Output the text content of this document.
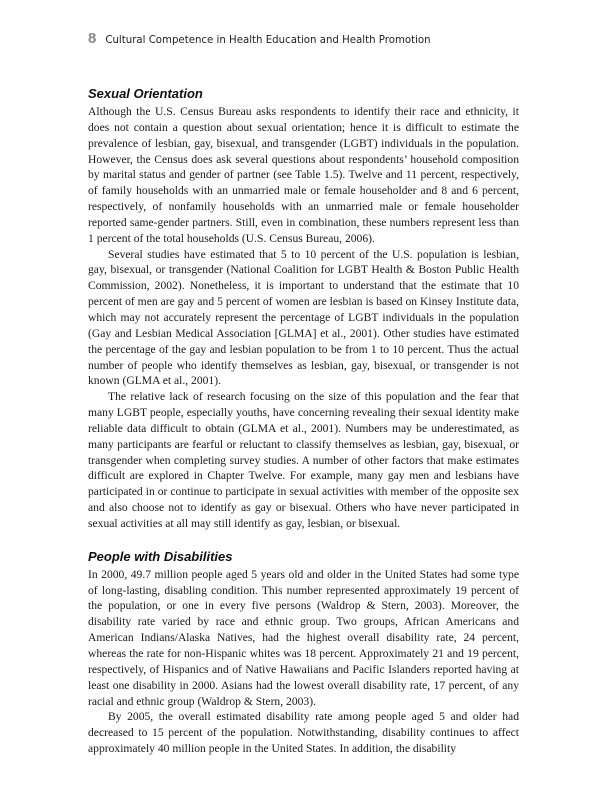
8 Cultural Competence in Health Education and Health Promotion
Sexual Orientation

Although the U.S. Census Bureau asks respondents to identify their race and ethnicity, it does not contain a question about sexual orientation; hence it is difficult to estimate the prevalence of lesbian, gay, bisexual, and transgender (LGBT) individuals in the population. However, the Census does ask several questions about respondents’ household composition by marital status and gender of partner (see Table 1.5). Twelve and 11 percent, respectively, of family households with an unmarried male or female householder and 8 and 6 percent, respectively, of nonfamily households with an unmarried male or female householder reported same-gender partners. Still, even in combination, these numbers represent less than 1 percent of the total households (U.S. Census Bureau, 2006).

Several studies have estimated that 5 to 10 percent of the U.S. population is lesbian, gay, bisexual, or transgender (National Coalition for LGBT Health & Boston Public Health Commission, 2002). Nonetheless, it is important to understand that the estimate that 10 percent of men are gay and 5 percent of women are lesbian is based on Kinsey Institute data, which may not accurately represent the percentage of LGBT individuals in the population (Gay and Lesbian Medical Association [GLMA] et al., 2001). Other studies have estimated the percentage of the gay and lesbian population to be from 1 to 10 percent. Thus the actual number of people who identify themselves as lesbian, gay, bisexual, or transgender is not known (GLMA et al., 2001).

The relative lack of research focusing on the size of this population and the fear that many LGBT people, especially youths, have concerning revealing their sexual identity make reliable data difficult to obtain (GLMA et al., 2001). Numbers may be underestimated, as many participants are fearful or reluctant to classify themselves as lesbian, gay, bisexual, or transgender when completing survey studies. A number of other factors that make estimates difficult are explored in Chapter Twelve. For example, many gay men and lesbians have participated in or continue to participate in sexual activities with member of the opposite sex and also choose not to identify as gay or bisexual. Others who have never participated in sexual activities at all may still identify as gay, lesbian, or bisexual.

People with Disabilities

In 2000, 49.7 million people aged 5 years old and older in the United States had some type of long-lasting, disabling condition. This number represented approximately 19 percent of the population, or one in every five persons (Waldrop & Stern, 2003). Moreover, the disability rate varied by race and ethnic group. Two groups, African Americans and American Indians/Alaska Natives, had the highest overall disability rate, 24 percent, whereas the rate for non-Hispanic whites was 18 percent. Approximately 21 and 19 percent, respectively, of Hispanics and of Native Hawaiians and Pacific Islanders reported having at least one disability in 2000. Asians had the lowest overall disability rate, 17 percent, of any racial and ethnic group (Waldrop & Stern, 2003).

By 2005, the overall estimated disability rate among people aged 5 and older had decreased to 15 percent of the population. Notwithstanding, disability continues to affect approximately 40 million people in the United States. In addition, the disability
